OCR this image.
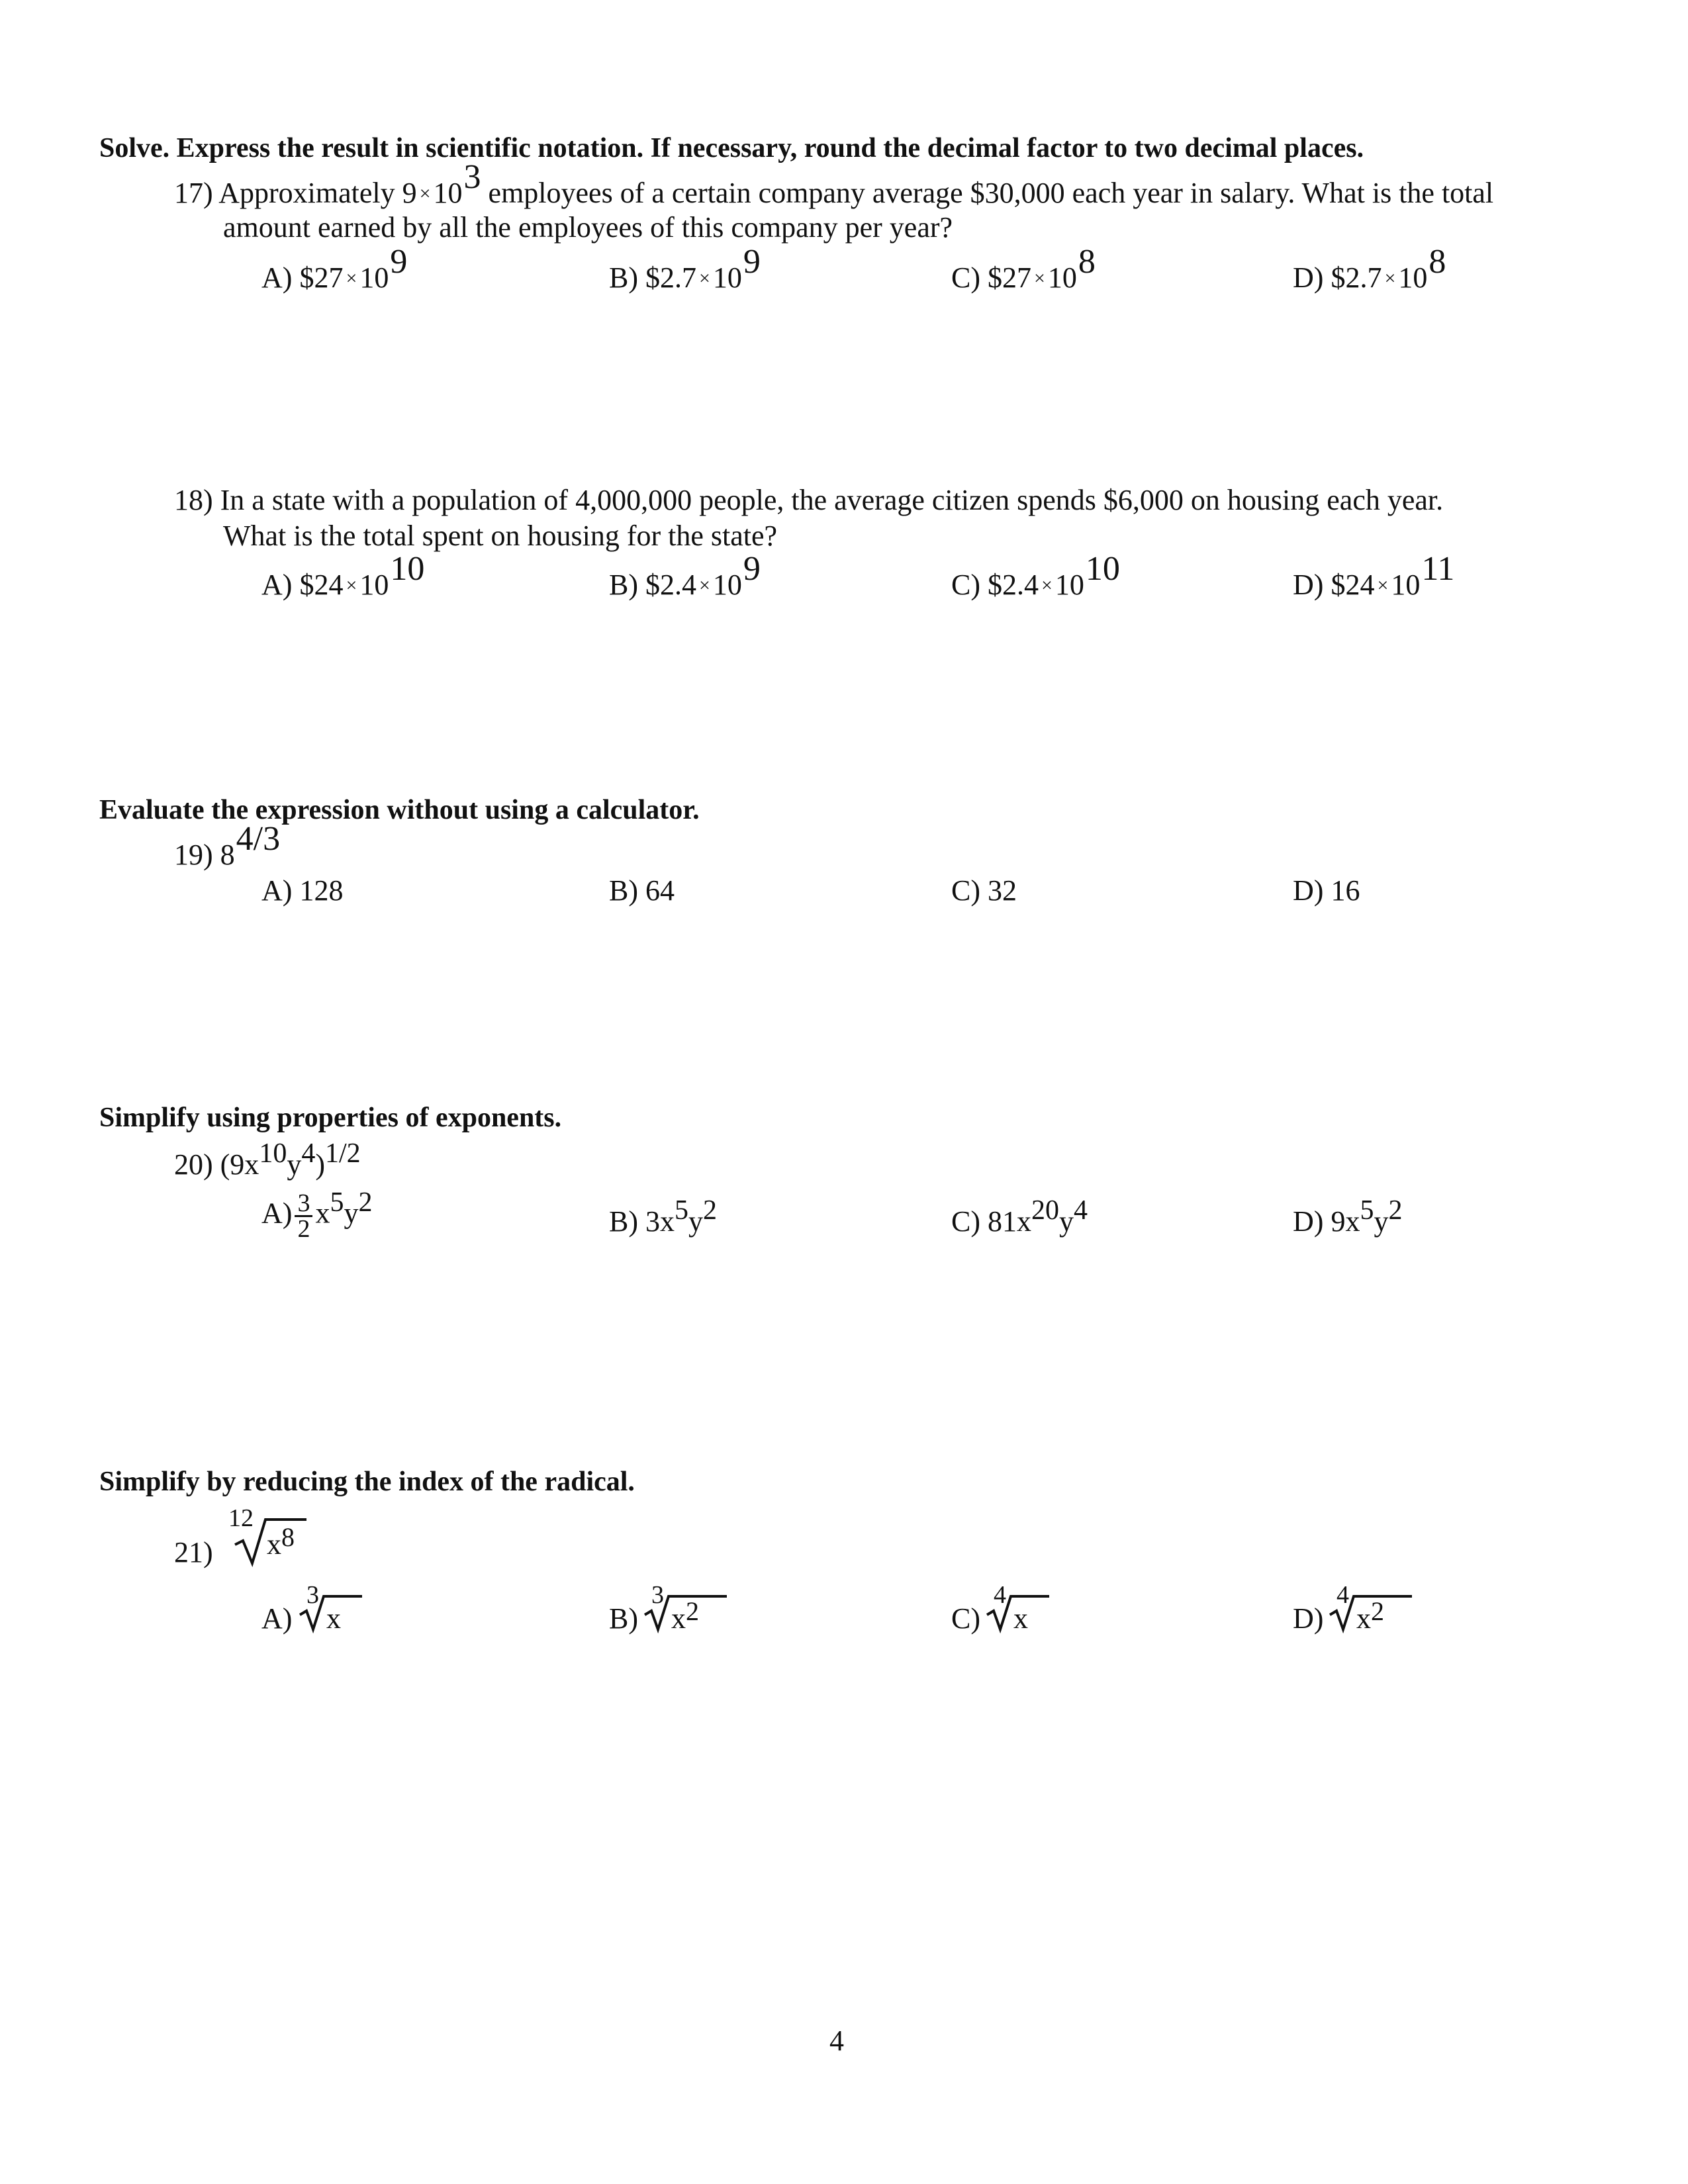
Solve. Express the result in scientific notation. If necessary, round the decimal factor to two decimal places.
17) Approximately 9 ×103 employees of a certain company average $30,000 each year in salary. What is the total
amount earned by all the employees of this company per year?
A) $27 ×109	B) $2.7 ×109	C) $27 ×108	D) $2.7 ×108
18) In a state with a population of 4,000,000 people, the average citizen spends $6,000 on housing each year.
What is the total spent on housing for the state?
A) $24 ×1010	B) $2.4 ×109	C) $2.4 ×1010	D) $24 ×1011
Evaluate the expression without using a calculator.
19) 84/3
A) 128	B) 64	C) 32	D) 16
Simplify using properties of exponents.
20) (9x10y4)1/2
$A) \frac{3}{2} x5y2$
B) 3x5y2	C) 81x20y4	D) 9x5y2
Simplify by reducing the index of the radical.
21)
12
x8
A)
3
x	B)
3
x2	C)
4
x	D)
4
x2
4
